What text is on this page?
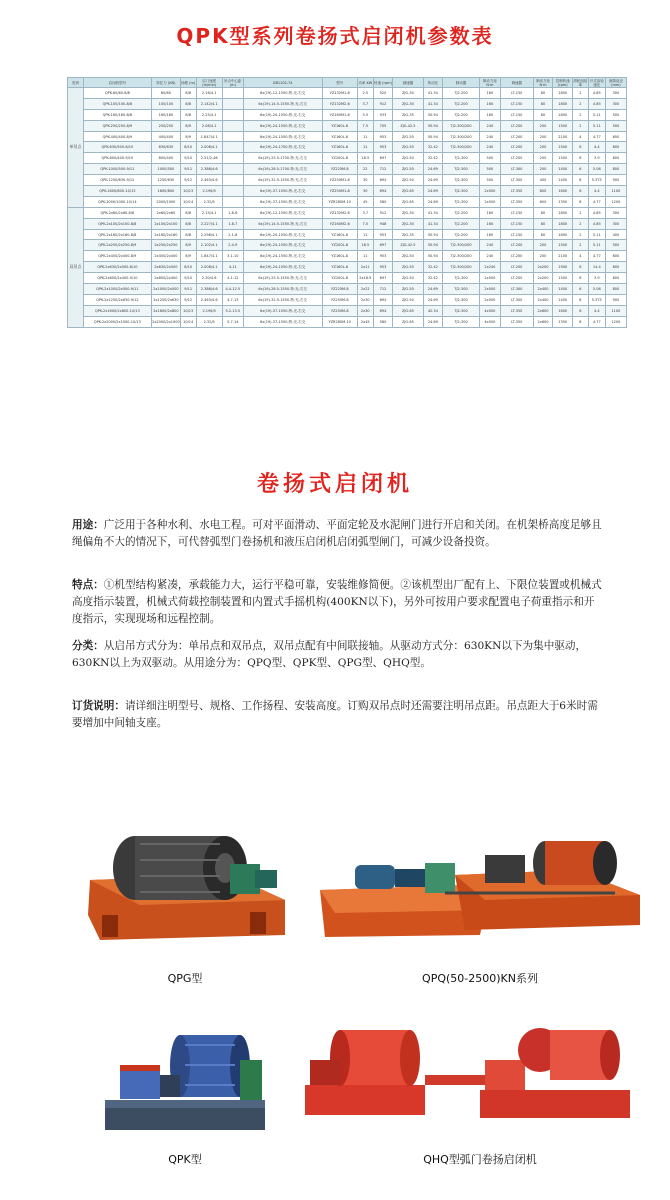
QPK型系列卷扬式启闭机参数表
类别	启闭机型号	持住力 (KN)	扬程 (m)	启门速度 (m/min)	吊点中心距 (m)	GB1102-74	型号	功率 KW	转速 (rpm)	减速器	传动比	制动器	制动力矩 N·m	调速器	制动力矩 N·m	控制转速 (rpm)	滑轮组倍率	开式齿轮速比	滚筒直径 (mm)
单吊点	QPK-60/60-8/8	60/60	8/8	2.16/4.1		6x(19)-12-1550-特-光-右交	YZ132M1-6	2.5	920	ZJG-30	41.34	TJ2-200	160	LT-150	80	1800	2	4.85	300
	QPK-100/100-8/8	100/100	8/8	2.142/4.1		6x(19)-14.5-1550-特-光-右交	YZ132M2-6	3.7	912	ZJG-30	41.34	TJ2-200	160	LT-150	80	1800	2	4.85	300
	QPK-160/160-8/8	160/160	8/8	2.25/4.1		6x(19)-20-1550-特-光-右交	YZ160M1-6	5.5	933	ZJG-35	50.94	TJ2-200	160	LT-150	80	1800	2	5.11	500
	QPK-250/250-8/9	250/250	8/9	2.08/4.1		6x(19)-24-1550-特-光-右交	YZ160L-6	7.5	705	ZJG-42.5	50.94	TJ2-300/200	240	LT-200	200	1500	2	5.11	500
	QPK-400/400-8/9	400/400	8/9	1.847/4.1		6x(19)-24-1550-特-光-右交	YZ160L-6	11	953	ZJG-50	50.94	TJ2-300/200	240	LT-200	200	2100	4	4.77	600
	QPK-630/500-8/10	630/630	8/10	2.006/4.1		6x(19)-24-1700-特-光-右交	YZ160L-6	11	953	ZJG-50	32.42	TJ2-300/200	240	LT-200	200	1500	6	4.4	600
	QPK-800/400-9/10	800/400	9/10	2.51/2.46		6x(19)-25.5-1700-特-光-右交	YZ200L-8	18.5	697	ZJG-50	32.42	TJ2-300	500	LT-200	200	1500	6	3.9	800
	QPK-1000/500-9/11	1000/500	9/11	2.386/4.6		6x(19)-28.5-1700-特-光-右交	YZ225M-8	22	712	ZJG-50	24.69	TJ2-300	500	LT-300	200	1400	6	5.06	800
	QPK-1250/630-9/12	1250/630	9/12	2.463/4.6		6x(19)-32.5-1550-特-光-右交	YZ250M1-8	30	694	ZJG-50	24.69	TJ2-300	500	LT-300	400	1400	6	5.375	900
	QPK-1600/800-10/13	1600/800	10/13	2.196/5		6x(19)-37-1550-特-光-右交	YZ250M1-8	30	694	ZJG-65	24.69	TJ2-300	2x500	LT-350	600	1600	6	4.4	1100
	QPK-2000/1000-10/14	2000/1000	10/14	2.32/5		6x(19)-37-1550-特-光-右交	YZR280M-10	45	580	ZJG-65	24.69	TJ2-300	2x500	LT-350	600	1350	8	4.77	1200
双吊点	QPK-2x60/2x60-8/8	2x60/2x60	8/8	2.15/4.1	1.8-6	6x(19)-12-1550-特-光-右交	YZ132M2-6	3.7	912	ZJG-30	41.34	TJ2-200	160	LT-150	80	1800	2	4.85	300
	QPK-2x100/2x100-8/8	2x100/2x100	8/8	2.227/4.1	1.8-7	6x(19)-14.5-1550-特-光-右交	YZ160M2-6	7.5	948	ZJG-30	41.34	TJ2-200	160	LT-150	80	1800	2	4.85	300
	QPK-2x160/2x160-8/8	2x160/2x160	8/8	2.298/4.1	2.1-8	6x(19)-20-1550-特-光-右交	YZ160L-6	11	953	ZJG-35	50.94	TJ2-200	160	LT-150	80	1800	2	5.11	400
	QPK-2x250/2x250-8/9	2x250/2x250	8/9	2.102/4.1	2.4-9	6x(19)-24-1550-特-光-右交	YZ200L-8	18.5	697	ZJG-42.5	50.94	TJ2-300/200	240	LT-200	200	1500	2	5.11	500
	QPK-2x400/2x400-8/9	2x400/2x400	8/9	1.847/4.1	3.1-10	6x(19)-24-1550-特-光-右交	YZ160L-8	11	953	ZJG-50	50.94	TJ2-300/200	240	LT-200	200	2100	4	4.77	600
	QPK-2x630/2x500-8/10	2x630/2x500	8/10	2.008/4.1	4-11	6x(19)-24-1550-特-光-右交	YZ160L-6	2x11	953	ZJG-50	32.42	TJ2-300/200	2x240	LT-200	2x200	1900	6	14.4	600
	QPK-2x800/2x400-9/10	2x800/2x400	9/10	2.30/4.6	4.1-12	6x(19)-25.5-1550-特-光-右交	YZ200L-8	2x18.5	697	ZJG-50	32.42	TJ2-300	2x500	LT-200	2x200	1500	6	3.9	800
	QPK-2x1000/2x500-9/11	2x1000/2x500	9/11	2.386/4.6	4.4-12.5	6x(19)-28.5-1550-特-光-右交	YZ225M-8	2x22	712	ZJG-50	24.69	TJ2-300	2x500	LT-300	2x400	1400	6	5.06	800
	QPK-2x1250/2x630-9/12	2x1250/2x630	9/12	2.463/4.6	4.7-13	6x(19)-32.5-1550-特-光-右交	YZ250M-8	2x30	694	ZJG-50	24.69	TJ2-300	2x500	LT-300	2x400	1400	6	5.375	900
	QPK-2x1600/2x800-10/13	2x1600/2x800	10/13	2.196/5	5.2-13.5	6x(19)-37-1550-特-光-右交	YZ250M-8	2x30	694	ZJG-65	42.34	TJ2-300	4x500	LT-350	2x600	1600	6	4.4	1100
	QPK-2x2000/2x1000-10/13	2x2000/2x1000	10/14	2.32/5	5.7-14	6x(19)-37-1550-特-光-右交	YZR280M-10	2x45	580	ZJG-65	24.69	TJ2-300	4x500	LT-350	2x600	1350	8	4.77	1200
卷扬式启闭机

用途：广泛用于各种水利、水电工程。可对平面滑动、平面定轮及水泥闸门进行开启和关闭。在机架桥高度足够且绳偏角不大的情况下，可代替弧型门卷扬机和液压启闭机启闭弧型闸门，可减少设备投资。

特点：①机型结构紧凑，承载能力大，运行平稳可靠，安装维修简便。②该机型出厂配有上、下限位装置或机械式高度指示装置，机械式荷载控制装置和内置式手摇机构(400KN以下)，另外可按用户要求配置电子荷重指示和开度指示，实现现场和远程控制。

分类：从启吊方式分为：单吊点和双吊点，双吊点配有中间联接轴。从驱动方式分：630KN以下为集中驱动，630KN以上为双驱动。从用途分为：QPQ型、QPK型、QPG型、QHQ型。

订货说明：请详细注明型号、规格、工作扬程、安装高度。订购双吊点时还需要注明吊点距。吊点距大于6米时需要增加中间轴支座。

QPG型	QPQ(50-2500)KN系列
QPK型	QHQ型弧门卷扬启闭机
